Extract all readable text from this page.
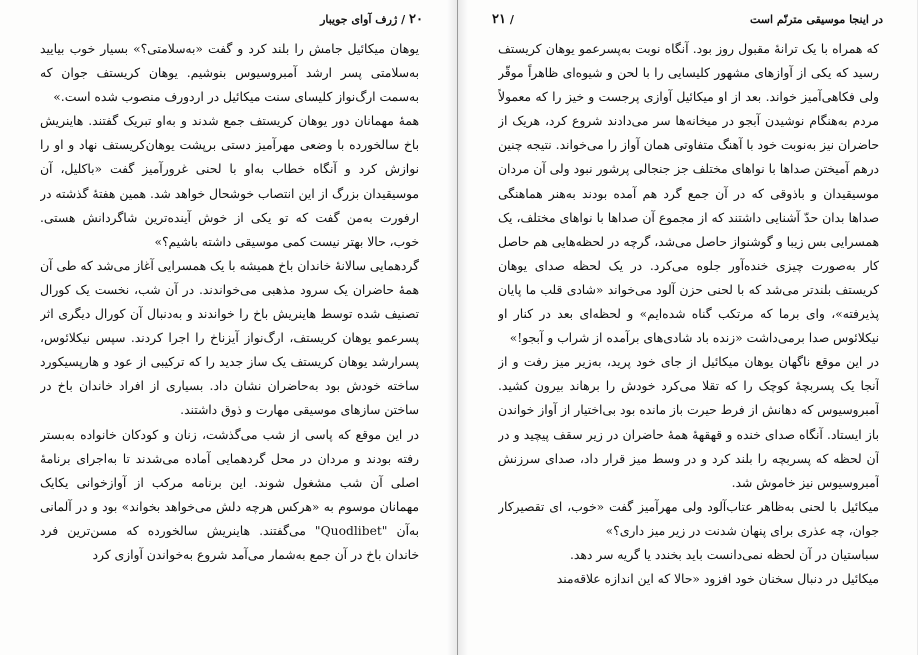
۲۰ / ژرف آوای جویبار

یوهان میکائیل جامش را بلند کرد و گفت «به‌سلامتی؟» بسیار خوب بیایید به‌سلامتی پسر ارشد آمبروسیوس بنوشیم. یوهان کریستف جوان که به‌سمت ارگ‌نواز کلیسای سنت میکائیل در اردورف منصوب شده است.»

همهٔ مهمانان دور یوهان کریستف جمع شدند و به‌او تبریک گفتند. هاینریش باخ سالخورده با وضعی مهرآمیز دستی برپشت یوهان‌کریستف نهاد و او را نوازش کرد و آنگاه خطاب به‌او با لحنی غرورآمیز گفت «باکلیل، آن موسیقیدان بزرگ از این انتصاب خوشحال خواهد شد. همین هفتهٔ گذشته در ارفورت به‌من گفت که تو یکی از خوش آینده‌ترین شاگردانش هستی. خوب، حالا بهتر نیست کمی موسیقی داشته باشیم؟»

گردهمایی سالانهٔ خاندان باخ همیشه با یک همسرایی آغاز می‌شد که طی آن همهٔ حاضران یک سرود مذهبی می‌خواندند. در آن شب، نخست یک کورال تصنیف شده توسط هاینریش باخ را خواندند و به‌دنبال آن کورال دیگری اثر پسرعمو یوهان کریستف، ارگ‌نواز آیزناخ را اجرا کردند. سپس نیکلائوس، پسرارشد یوهان کریستف یک ساز جدید را که ترکیبی از عود و هارپسیکورد ساخته خودش بود به‌حاضران نشان داد. بسیاری از افراد خاندان باخ در ساختن سازهای موسیقی مهارت و ذوق داشتند.

در این موقع که پاسی از شب می‌گذشت، زنان و کودکان خانواده به‌بستر رفته بودند و مردان در محل گردهمایی آماده می‌شدند تا به‌اجرای برنامهٔ اصلی آن شب مشغول شوند. این برنامه مرکب از آوازخوانی یکایک مهمانان موسوم به «هرکس هرچه دلش می‌خواهد بخواند» بود و در آلمانی به‌آن "Quodlibet" می‌گفتند. هاینریش سالخورده که مسن‌ترین فرد خاندان باخ در آن جمع به‌شمار می‌آمد شروع به‌خواندن آوازی کرد

در اینجا موسیقی مترنّم است
/ ۲۱

که همراه با یک ترانهٔ مقبول روز بود. آنگاه نوبت به‌پسرعمو یوهان کریستف رسید که یکی از آوازهای مشهور کلیسایی را با لحن و شیوه‌ای ظاهراً موقّر ولی فکاهی‌آمیز خواند. بعد از او میکائیل آوازی پرجست و خیز را که معمولاً مردم به‌هنگام نوشیدن آبجو در میخانه‌ها سر می‌دادند شروع کرد، هریک از حاضران نیز به‌نوبت خود با آهنگ متفاوتی همان آواز را می‌خواند. نتیجه چنین درهم آمیختن صداها با نواهای مختلف جز جنجالی پرشور نبود ولی آن مردان موسیقیدان و باذوقی که در آن جمع گرد هم آمده بودند به‌هنر هماهنگی صداها بدان حدّ آشنایی داشتند که از مجموع آن صداها با نواهای مختلف، یک همسرایی بس زیبا و گوشنواز حاصل می‌شد، گرچه در لحظه‌هایی هم حاصل کار به‌صورت چیزی خنده‌آور جلوه می‌کرد. در یک لحظه صدای یوهان کریستف بلندتر می‌شد که با لحنی حزن آلود می‌خواند «شادی قلب ما پایان پذیرفته»، وای برما که مرتکب گناه شده‌ایم» و لحظه‌ای بعد در کنار او نیکلائوس صدا برمی‌داشت «زنده باد شادی‌های برآمده از شراب و آبجو!»

در این موقع ناگهان یوهان میکائیل از جای خود پرید، به‌زیر میز رفت و از آنجا یک پسربچهٔ کوچک را که تقلا می‌کرد خودش را برهاند بیرون کشید. آمبروسیوس که دهانش از فرط حیرت باز مانده بود بی‌اختیار از آواز خواندن باز ایستاد. آنگاه صدای خنده و قهقههٔ همهٔ حاضران در زیر سقف پیچید و در آن لحظه که پسربچه را بلند کرد و در وسط میز قرار داد، صدای سرزنش آمبروسیوس نیز خاموش شد.

میکائیل با لحنی به‌ظاهر عتاب‌آلود ولی مهرآمیز گفت «خوب، ای تقصیرکار جوان، چه عذری برای پنهان شدنت در زیر میز داری؟»

سباستیان در آن لحظه نمی‌دانست باید بخندد یا گریه سر دهد.

میکائیل در دنبال سخنان خود افزود «حالا که این اندازه علاقه‌مند
